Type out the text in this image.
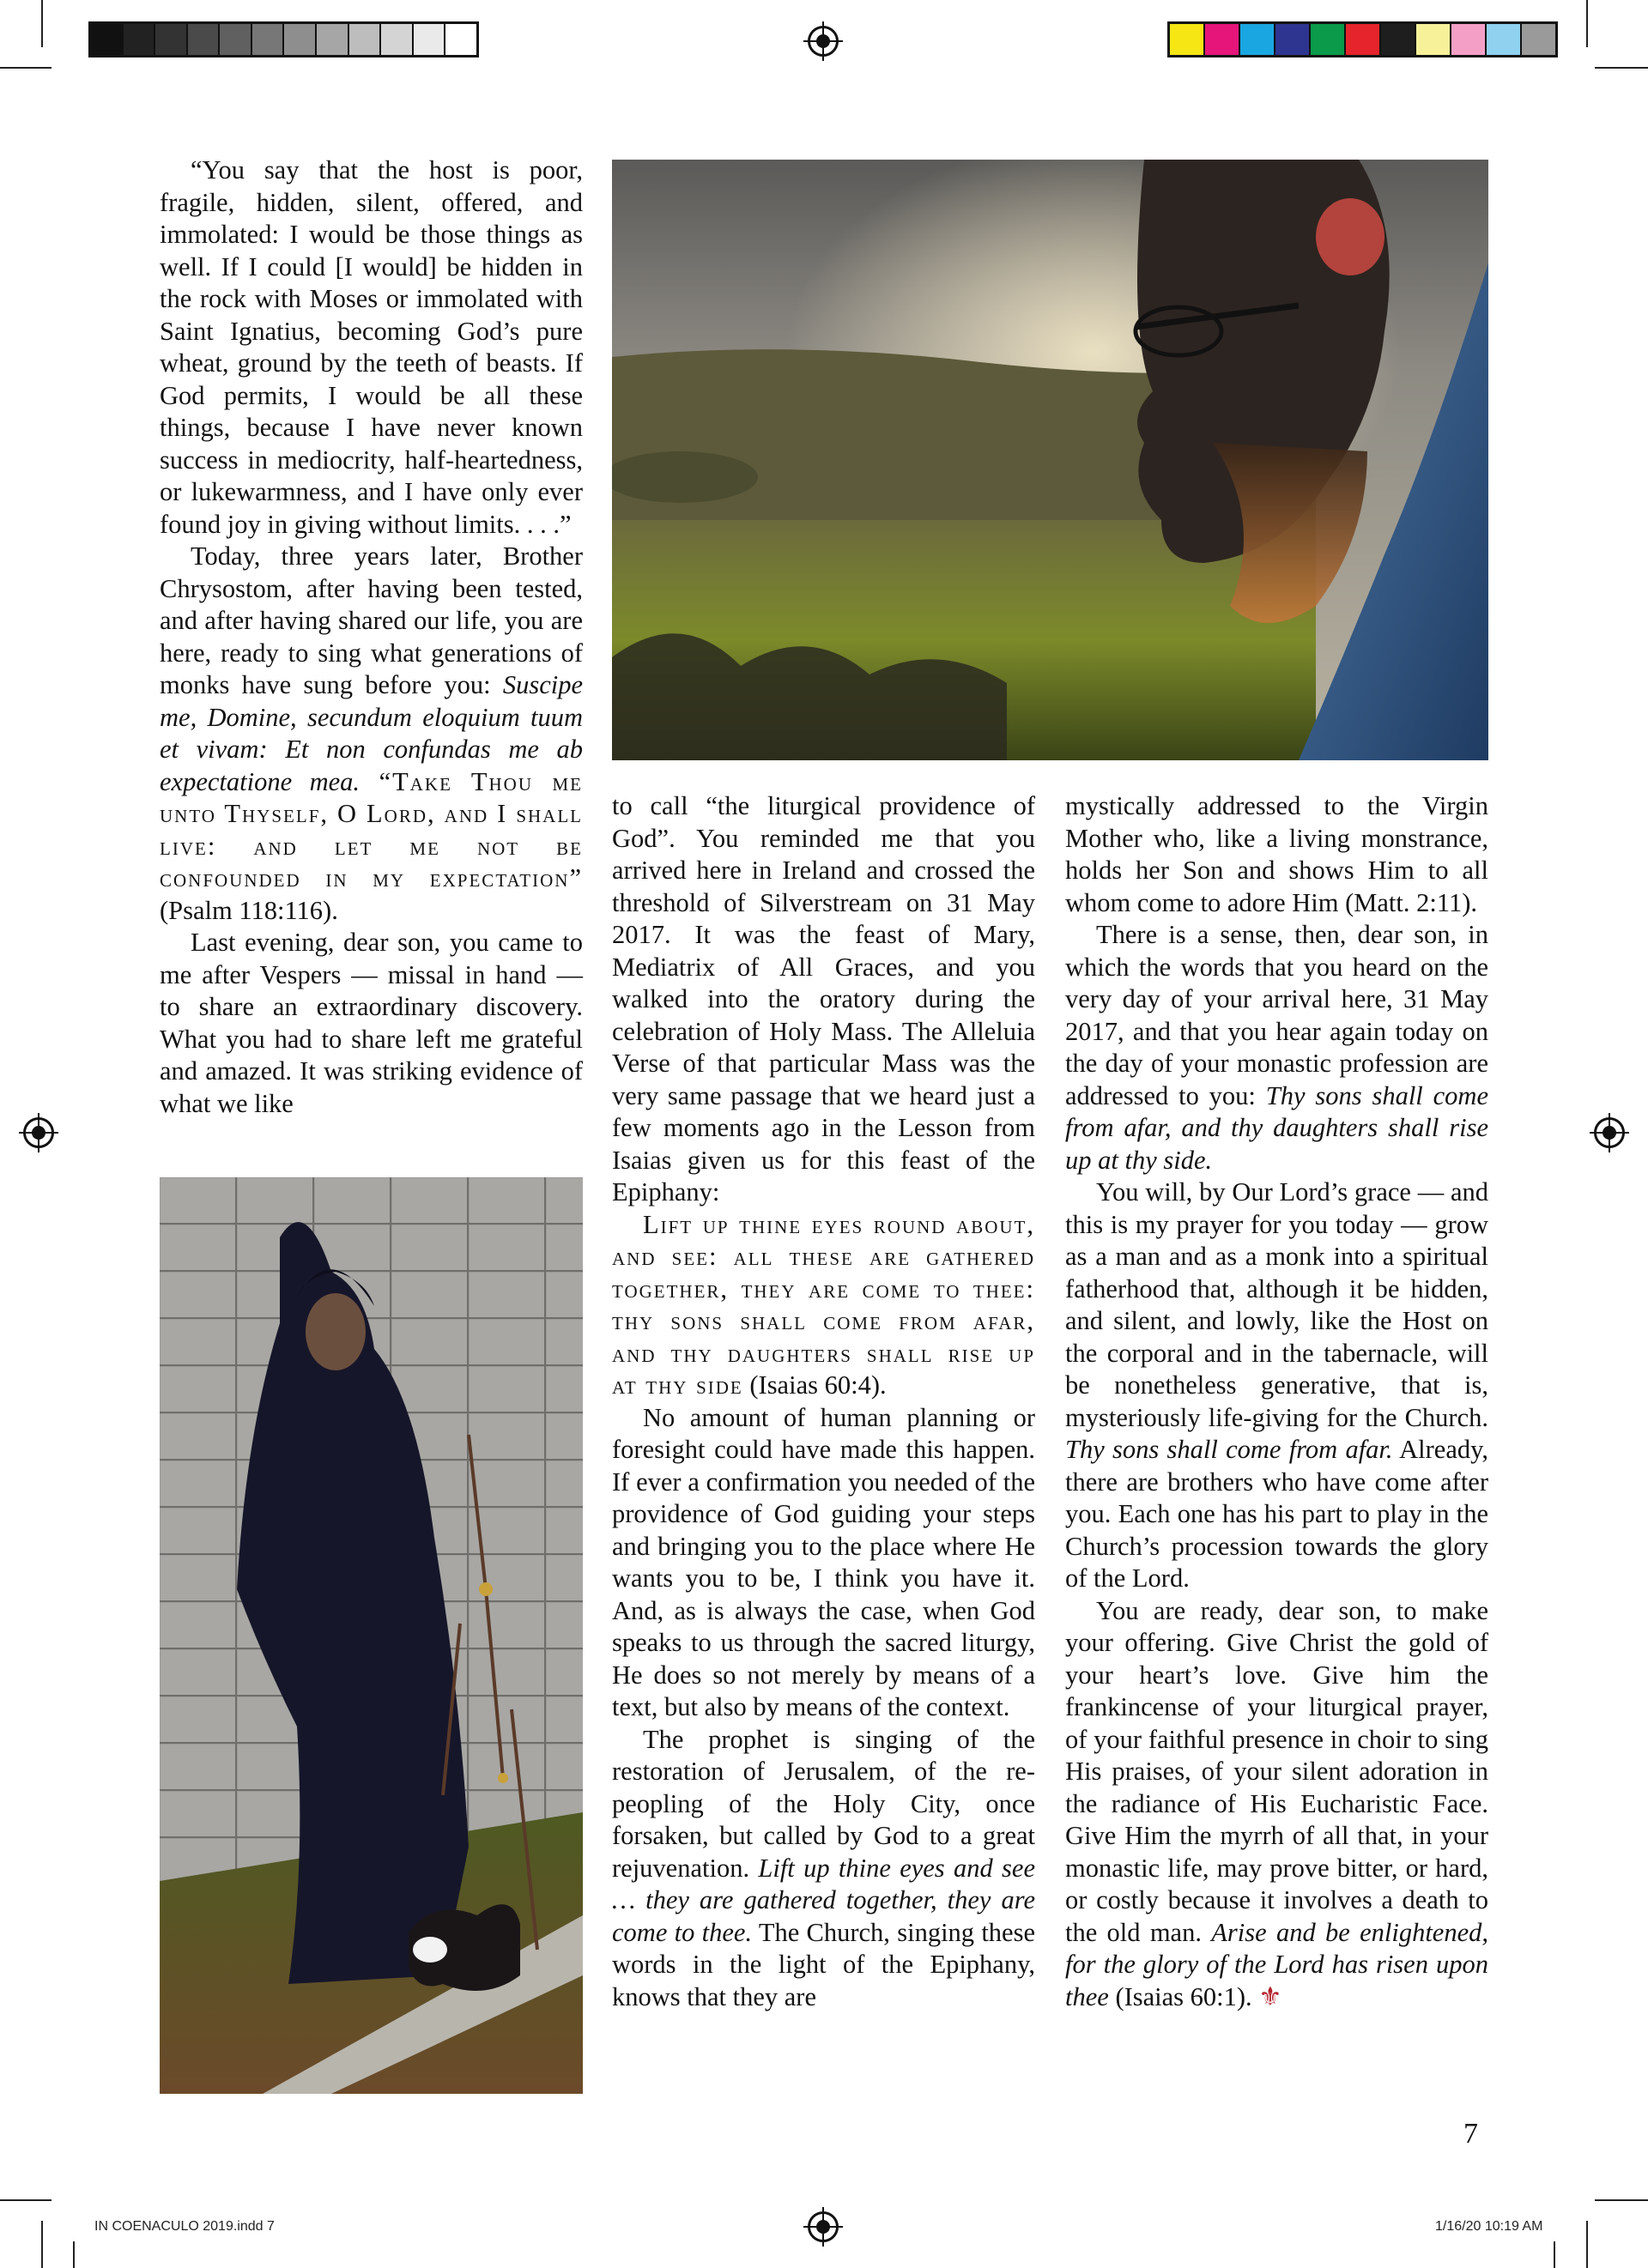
“You say that the host is poor, fragile, hidden, silent, offered, and immolated: I would be those things as well. If I could [I would] be hidden in the rock with Moses or immolated with Saint Ignatius, becoming God’s pure wheat, ground by the teeth of beasts. If God permits, I would be all these things, because I have never known success in mediocrity, half-heartedness, or lukewarmness, and I have only ever found joy in giving without limits. . . .”

Today, three years later, Brother Chrysostom, after having been tested, and after having shared our life, you are here, ready to sing what generations of monks have sung before you: Suscipe me, Domine, secundum eloquium tuum et vivam: Et non confundas me ab expectatione mea. “Take Thou me unto Thyself, O Lord, and I shall live: and let me not be confounded in my expectation” (Psalm 118:116).

Last evening, dear son, you came to me after Vespers — missal in hand — to share an extraordinary discovery. What you had to share left me grateful and amazed. It was striking evidence of what we like

to call “the liturgical providence of God”. You reminded me that you arrived here in Ireland and crossed the threshold of Silverstream on 31 May 2017. It was the feast of Mary, Mediatrix of All Graces, and you walked into the oratory during the celebration of Holy Mass. The Alleluia Verse of that particular Mass was the very same passage that we heard just a few moments ago in the Lesson from Isaias given us for this feast of the Epiphany:

Lift up thine eyes round about, and see: all these are gathered together, they are come to thee: thy sons shall come from afar, and thy daughters shall rise up at thy side (Isaias 60:4).

No amount of human planning or foresight could have made this happen. If ever a confirmation you needed of the providence of God guiding your steps and bringing you to the place where He wants you to be, I think you have it. And, as is always the case, when God speaks to us through the sacred liturgy, He does so not merely by means of a text, but also by means of the context.

The prophet is singing of the restoration of Jerusalem, of the re-peopling of the Holy City, once forsaken, but called by God to a great rejuvenation. Lift up thine eyes and see … they are gathered together, they are come to thee. The Church, singing these words in the light of the Epiphany, knows that they are

mystically addressed to the Virgin Mother who, like a living monstrance, holds her Son and shows Him to all whom come to adore Him (Matt. 2:11).

There is a sense, then, dear son, in which the words that you heard on the very day of your arrival here, 31 May 2017, and that you hear again today on the day of your monastic profession are addressed to you: Thy sons shall come from afar, and thy daughters shall rise up at thy side.

You will, by Our Lord’s grace — and this is my prayer for you today — grow as a man and as a monk into a spiritual fatherhood that, although it be hidden, and silent, and lowly, like the Host on the corporal and in the tabernacle, will be nonetheless generative, that is, mysteriously life-giving for the Church. Thy sons shall come from afar. Already, there are brothers who have come after you. Each one has his part to play in the Church’s procession towards the glory of the Lord.

You are ready, dear son, to make your offering. Give Christ the gold of your heart’s love. Give him the frankincense of your liturgical prayer, of your faithful presence in choir to sing His praises, of your silent adoration in the radiance of His Eucharistic Face. Give Him the myrrh of all that, in your monastic life, may prove bitter, or hard, or costly because it involves a death to the old man. Arise and be enlightened, for the glory of the Lord has risen upon thee (Isaias 60:1). ⚜

7
IN COENACULO 2019.indd 7	1/16/20 10:19 AM
